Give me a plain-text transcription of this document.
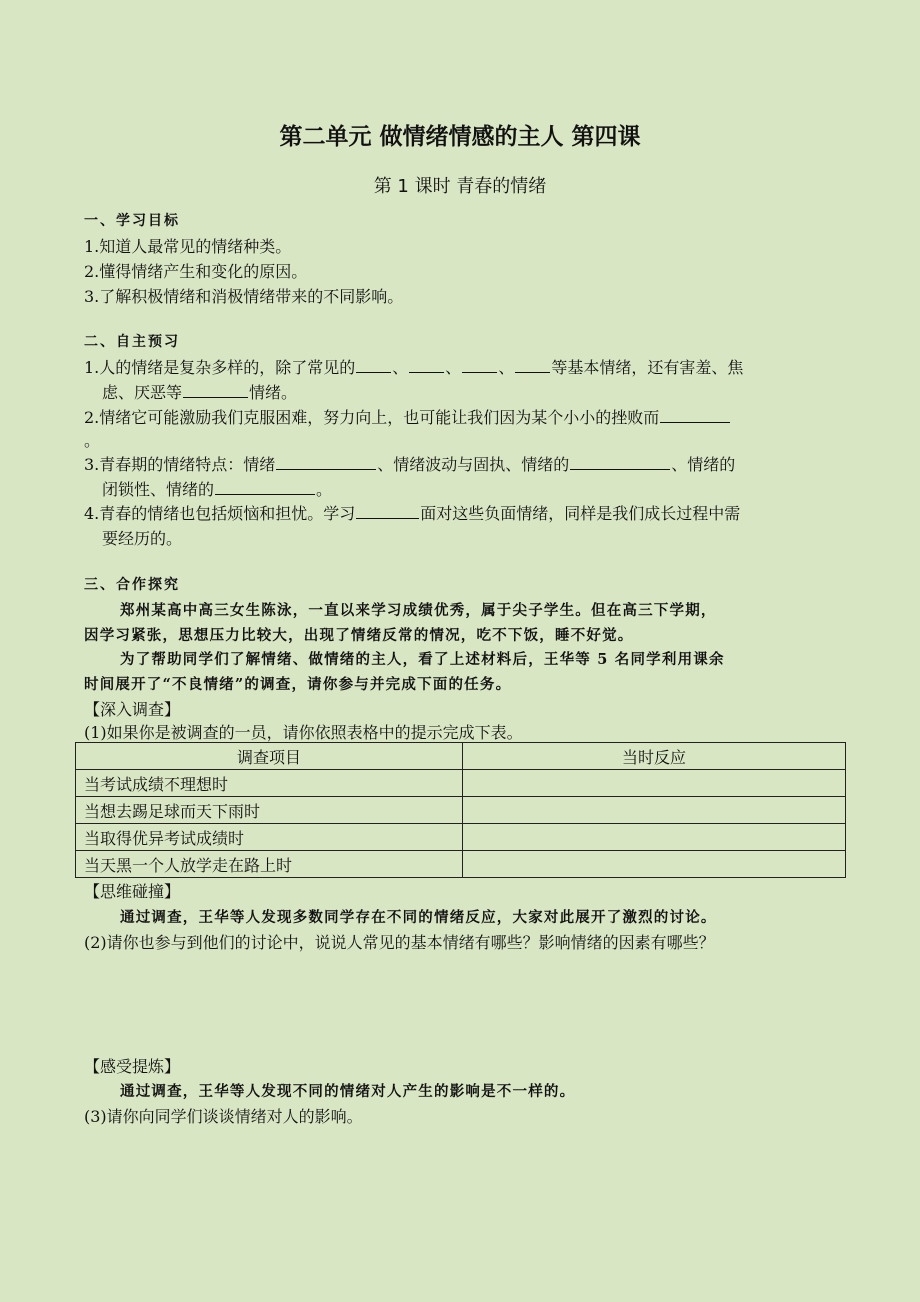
第二单元 做情绪情感的主人 第四课
第 1 课时 青春的情绪
一、学习目标
1.知道人最常见的情绪种类。
2.懂得情绪产生和变化的原因。
3.了解积极情绪和消极情绪带来的不同影响。
二、自主预习
1.人的情绪是复杂多样的，除了常见的 、 、 、 等基本情绪，还有害羞、焦
虑、厌恶等	情绪。
2.情绪它可能激励我们克服困难，努力向上，也可能让我们因为某个小小的挫败而
。
3.青春期的情绪特点：情绪	、情绪波动与固执、情绪的	、情绪的
闭锁性、情绪的	。
4.青春的情绪也包括烦恼和担忧。学习	面对这些负面情绪，同样是我们成长过程中需
要经历的。
三、合作探究
郑州某高中高三女生陈泳，一直以来学习成绩优秀，属于尖子学生。但在高三下学期，
因学习紧张，思想压力比较大，出现了情绪反常的情况，吃不下饭，睡不好觉。
为了帮助同学们了解情绪、做情绪的主人，看了上述材料后，王华等 5 名同学利用课余
时间展开了“不良情绪”的调查，请你参与并完成下面的任务。
【深入调查】
(1)如果你是被调查的一员，请你依照表格中的提示完成下表。
调查项目	当时反应
当考试成绩不理想时	
当想去踢足球而天下雨时	
当取得优异考试成绩时	
当天黑一个人放学走在路上时	
【思维碰撞】
通过调查，王华等人发现多数同学存在不同的情绪反应，大家对此展开了激烈的讨论。
(2)请你也参与到他们的讨论中，说说人常见的基本情绪有哪些？影响情绪的因素有哪些？
【感受提炼】
通过调查，王华等人发现不同的情绪对人产生的影响是不一样的。
(3)请你向同学们谈谈情绪对人的影响。
